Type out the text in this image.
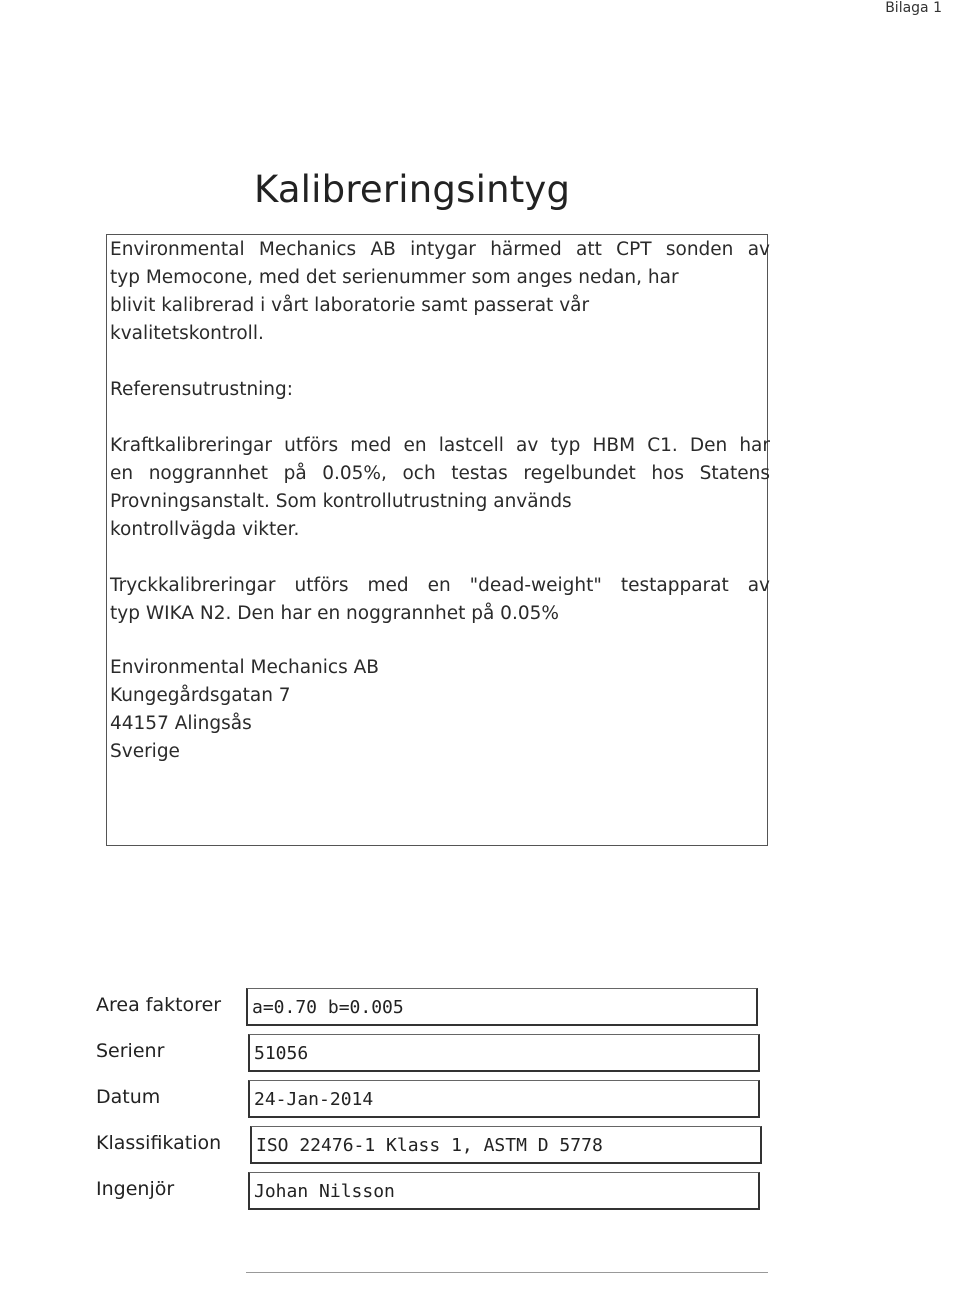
Bilaga 1
Kalibreringsintyg
Environmental Mechanics AB intygar härmed att CPT sonden av
typ Memocone, med det serienummer som anges nedan, har
blivit kalibrerad i vårt laboratorie samt passerat vår
kvalitetskontroll.
Referensutrustning:
Kraftkalibreringar utförs med en lastcell av typ HBM C1. Den har
en noggrannhet på 0.05%, och testas regelbundet hos Statens
Provningsanstalt. Som kontrollutrustning används
kontrollvägda vikter.
Tryckkalibreringar utförs med en "dead-weight" testapparat av
typ WIKA N2. Den har en noggrannhet på 0.05%
Environmental Mechanics AB
Kungegårdsgatan 7
44157 Alingsås
Sverige
Area faktorer a=0.70 b=0.005
Serienr	51056
Datum	24-Jan-2014
Klassifikation ISO 22476-1 Klass 1, ASTM D 5778
Ingenjör	Johan Nilsson
